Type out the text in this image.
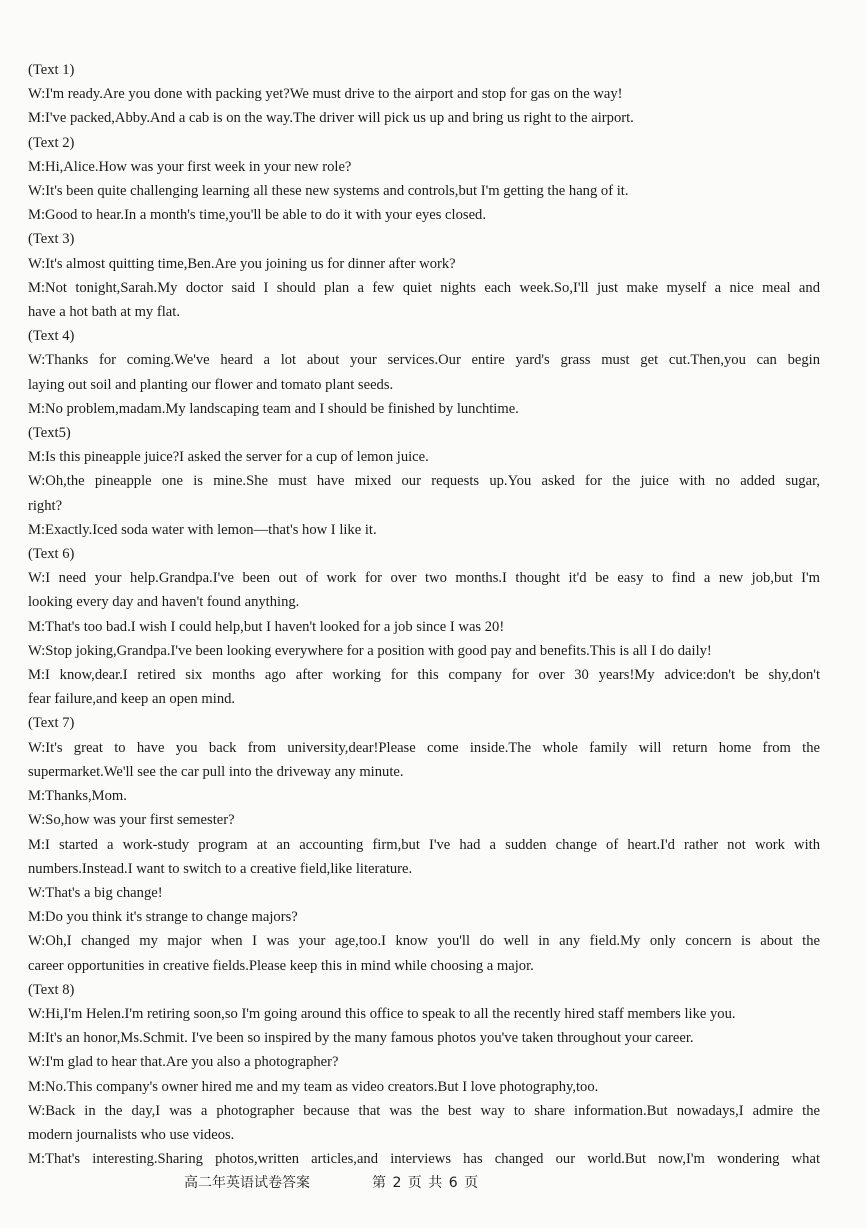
(Text 1)
W:I'm ready.Are you done with packing yet?We must drive to the airport and stop for gas on the way!
M:I've packed,Abby.And a cab is on the way.The driver will pick us up and bring us right to the airport.
(Text 2)
M:Hi,Alice.How was your first week in your new role?
W:It's been quite challenging learning all these new systems and controls,but I'm getting the hang of it.
M:Good to hear.In a month's time,you'll be able to do it with your eyes closed.
(Text 3)
W:It's almost quitting time,Ben.Are you joining us for dinner after work?
M:Not tonight,Sarah.My doctor said I should plan a few quiet nights each week.So,I'll just make myself a nice meal and
have a hot bath at my flat.
(Text 4)
W:Thanks for coming.We've heard a lot about your services.Our entire yard's grass must get cut.Then,you can begin
laying out soil and planting our flower and tomato plant seeds.
M:No problem,madam.My landscaping team and I should be finished by lunchtime.
(Text5)
M:Is this pineapple juice?I asked the server for a cup of lemon juice.
W:Oh,the pineapple one is mine.She must have mixed our requests up.You asked for the juice with no added sugar,
right?
M:Exactly.Iced soda water with lemon—that's how I like it.
(Text 6)
W:I need your help.Grandpa.I've been out of work for over two months.I thought it'd be easy to find a new job,but I'm
looking every day and haven't found anything.
M:That's too bad.I wish I could help,but I haven't looked for a job since I was 20!
W:Stop joking,Grandpa.I've been looking everywhere for a position with good pay and benefits.This is all I do daily!
M:I know,dear.I retired six months ago after working for this company for over 30 years!My advice:don't be shy,don't
fear failure,and keep an open mind.
(Text 7)
W:It's great to have you back from university,dear!Please come inside.The whole family will return home from the
supermarket.We'll see the car pull into the driveway any minute.
M:Thanks,Mom.
W:So,how was your first semester?
M:I started a work-study program at an accounting firm,but I've had a sudden change of heart.I'd rather not work with
numbers.Instead.I want to switch to a creative field,like literature.
W:That's a big change!
M:Do you think it's strange to change majors?
W:Oh,I changed my major when I was your age,too.I know you'll do well in any field.My only concern is about the
career opportunities in creative fields.Please keep this in mind while choosing a major.
(Text 8)
W:Hi,I'm Helen.I'm retiring soon,so I'm going around this office to speak to all the recently hired staff members like you.
M:It's an honor,Ms.Schmit. I've been so inspired by the many famous photos you've taken throughout your career.
W:I'm glad to hear that.Are you also a photographer?
M:No.This company's owner hired me and my team as video creators.But I love photography,too.
W:Back in the day,I was a photographer because that was the best way to share information.But nowadays,I admire the
modern journalists who use videos.
M:That's interesting.Sharing photos,written articles,and interviews has changed our world.But now,I'm wondering what
高二年英语试卷答案	第 2 页 共 6 页
